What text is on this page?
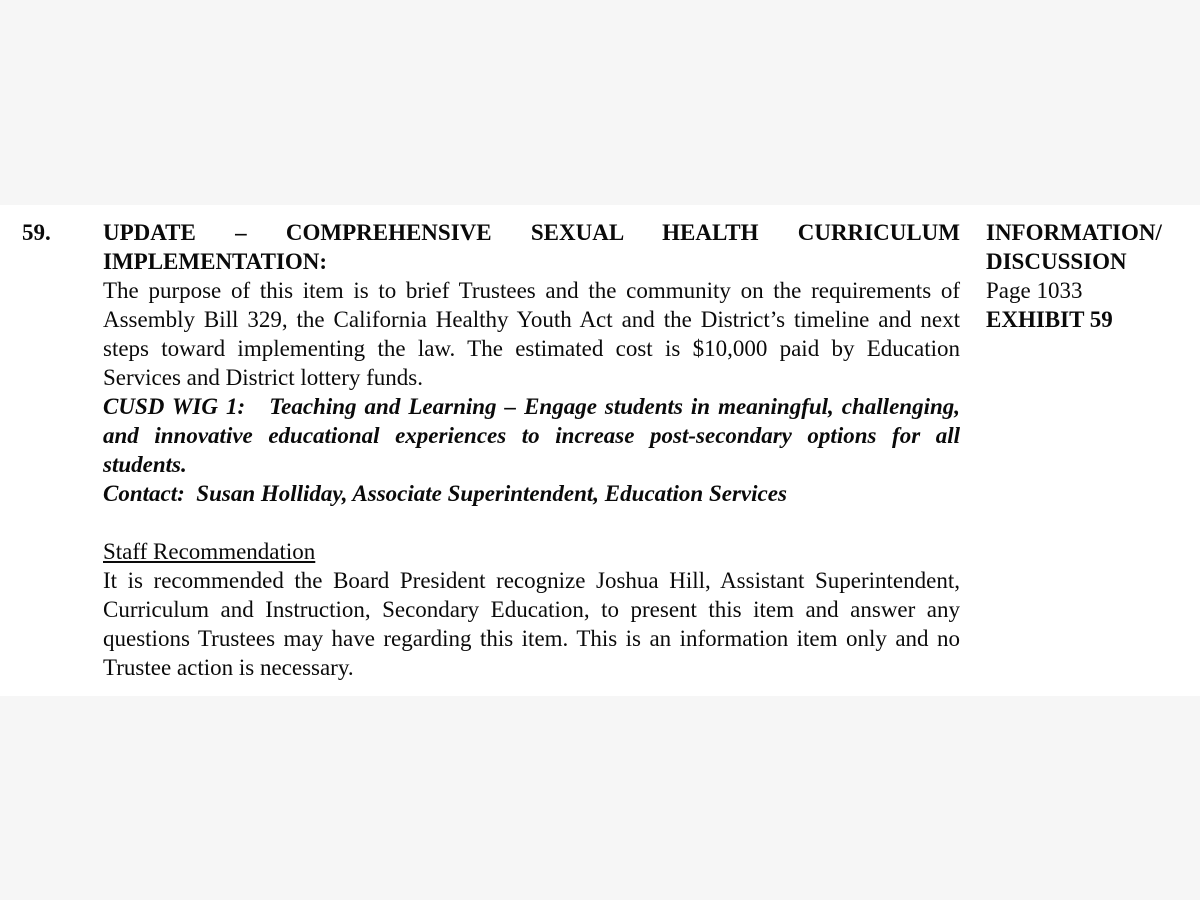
59. UPDATE – COMPREHENSIVE SEXUAL HEALTH CURRICULUM
IMPLEMENTATION:
The purpose of this item is to brief Trustees and the community on the requirements of Assembly Bill 329, the California Healthy Youth Act and the District’s timeline and next steps toward implementing the law. The estimated cost is $10,000 paid by Education Services and District lottery funds.
CUSD WIG 1: Teaching and Learning – Engage students in meaningful, challenging, and innovative educational experiences to increase post-secondary options for all students.
Contact: Susan Holliday, Associate Superintendent, Education Services
Staff Recommendation
It is recommended the Board President recognize Joshua Hill, Assistant Superintendent, Curriculum and Instruction, Secondary Education, to present this item and answer any questions Trustees may have regarding this item. This is an information item only and no Trustee action is necessary.
INFORMATION/
DISCUSSION
Page 1033
EXHIBIT 59
